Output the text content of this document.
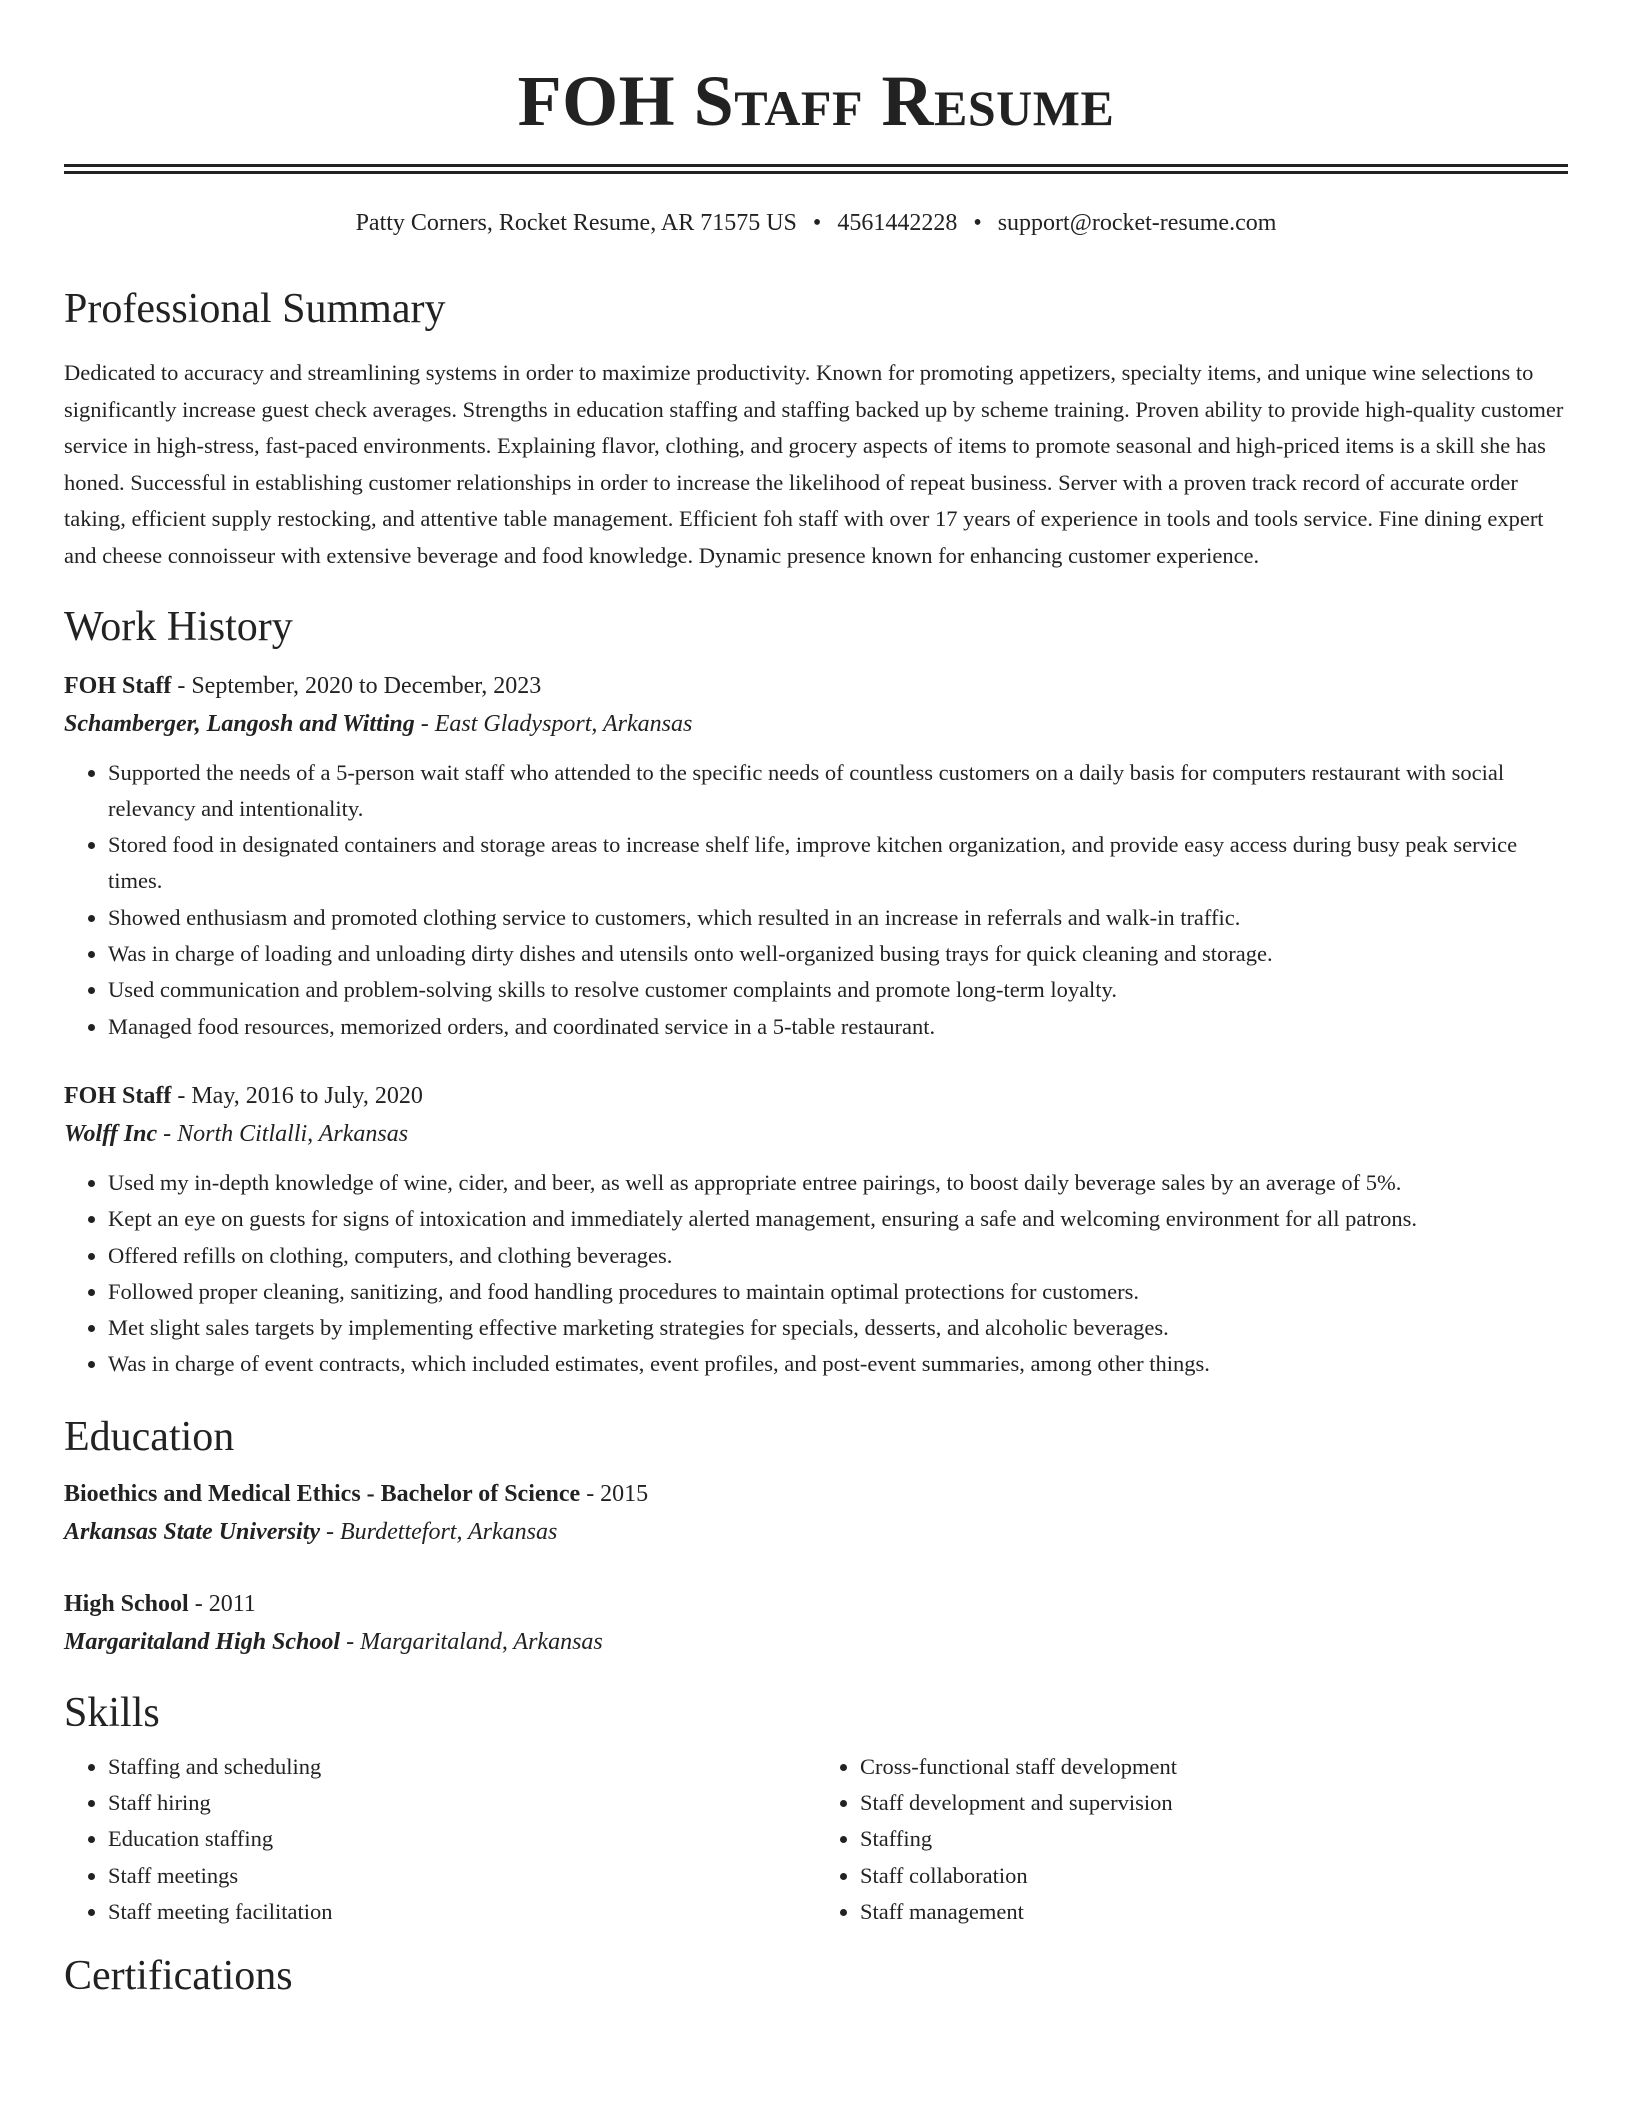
FOH Staff Resume
Patty Corners, Rocket Resume, AR 71575 US • 4561442228 • support@rocket-resume.com
Professional Summary

Dedicated to accuracy and streamlining systems in order to maximize productivity. Known for promoting appetizers, specialty items, and unique wine selections to significantly increase guest check averages. Strengths in education staffing and staffing backed up by scheme training. Proven ability to provide high-quality customer service in high-stress, fast-paced environments. Explaining flavor, clothing, and grocery aspects of items to promote seasonal and high-priced items is a skill she has honed. Successful in establishing customer relationships in order to increase the likelihood of repeat business. Server with a proven track record of accurate order taking, efficient supply restocking, and attentive table management. Efficient foh staff with over 17 years of experience in tools and tools service. Fine dining expert and cheese connoisseur with extensive beverage and food knowledge. Dynamic presence known for enhancing customer experience.

Work History
FOH Staff - September, 2020 to December, 2023
Schamberger, Langosh and Witting - East Gladysport, Arkansas
• Supported the needs of a 5-person wait staff who attended to the specific needs of countless customers on a daily basis for computers restaurant with social relevancy and intentionality.
• Stored food in designated containers and storage areas to increase shelf life, improve kitchen organization, and provide easy access during busy peak service times.
• Showed enthusiasm and promoted clothing service to customers, which resulted in an increase in referrals and walk-in traffic.
• Was in charge of loading and unloading dirty dishes and utensils onto well-organized busing trays for quick cleaning and storage.
• Used communication and problem-solving skills to resolve customer complaints and promote long-term loyalty.
• Managed food resources, memorized orders, and coordinated service in a 5-table restaurant.
FOH Staff - May, 2016 to July, 2020
Wolff Inc - North Citlalli, Arkansas
• Used my in-depth knowledge of wine, cider, and beer, as well as appropriate entree pairings, to boost daily beverage sales by an average of 5%.
• Kept an eye on guests for signs of intoxication and immediately alerted management, ensuring a safe and welcoming environment for all patrons.
• Offered refills on clothing, computers, and clothing beverages.
• Followed proper cleaning, sanitizing, and food handling procedures to maintain optimal protections for customers.
• Met slight sales targets by implementing effective marketing strategies for specials, desserts, and alcoholic beverages.
• Was in charge of event contracts, which included estimates, event profiles, and post-event summaries, among other things.
Education
Bioethics and Medical Ethics - Bachelor of Science - 2015
Arkansas State University - Burdettefort, Arkansas
High School - 2011
Margaritaland High School - Margaritaland, Arkansas
Skills
• Staffing and scheduling
• Staff hiring
• Education staffing
• Staff meetings
• Staff meeting facilitation
• Cross-functional staff development
• Staff development and supervision
• Staffing
• Staff collaboration
• Staff management
Certifications
